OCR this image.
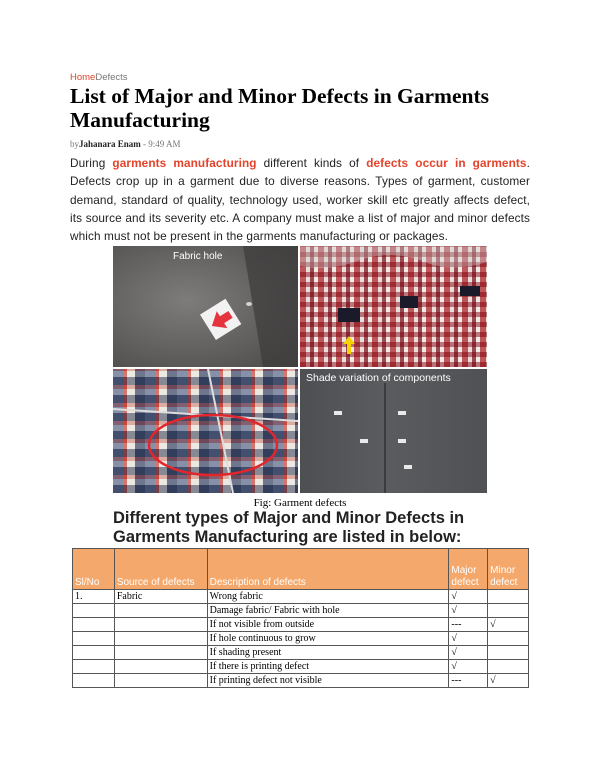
HomeDefects
List of Major and Minor Defects in Garments Manufacturing
byJahanara Enam - 9:49 AM

During garments manufacturing different kinds of defects occur in garments. Defects crop up in a garment due to diverse reasons. Types of garment, customer demand, standard of quality, technology used, worker skill etc greatly affects defect, its source and its severity etc. A company must make a list of major and minor defects which must not be present in the garments manufacturing or packages.

Fabric hole
Shade variation of components
Fig: Garment defects
Different types of Major and Minor Defects in Garments Manufacturing are listed in below:
Sl/No	Source of defects	Description of defects	Major defect	Minor defect
1.	Fabric	Wrong fabric	√	
		Damage fabric/ Fabric with hole	√	
		If not visible from outside	---	√
		If hole continuous to grow	√	
		If shading present	√	
		If there is printing defect	√	
		If printing defect not visible	---	√
